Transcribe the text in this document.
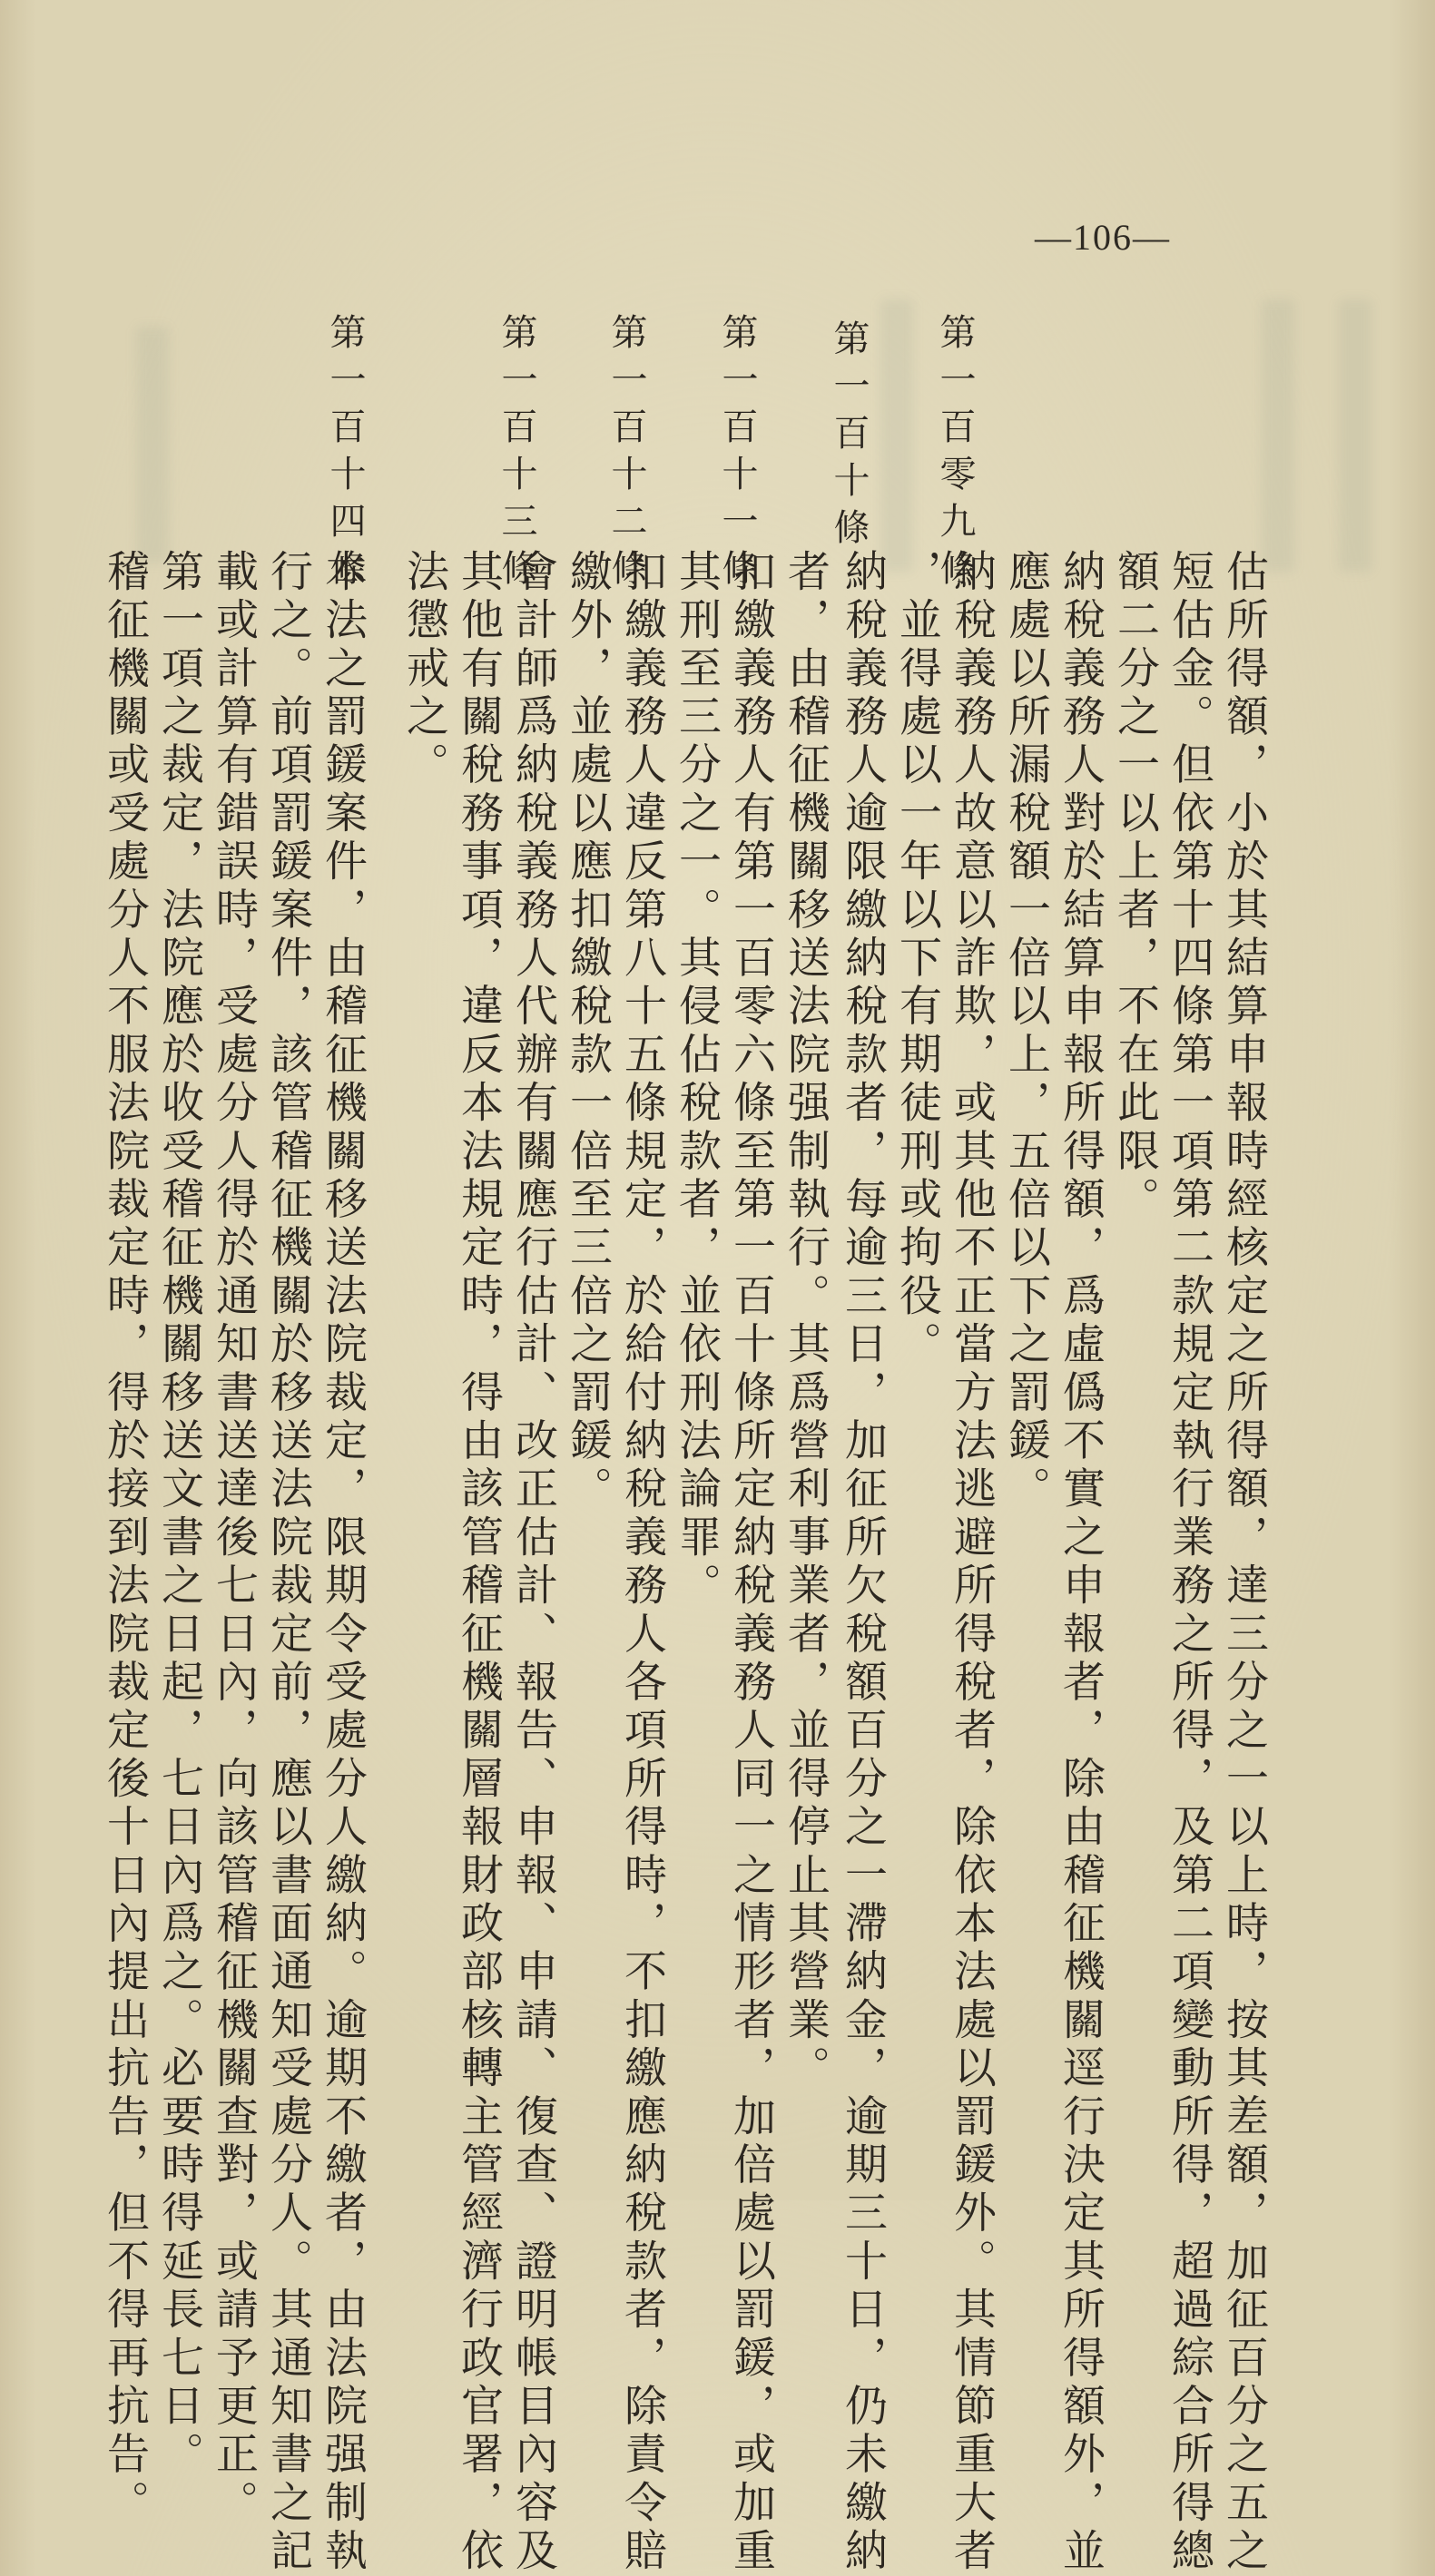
—106—
第一百零九條
第一百十條
第一百十一條
第一百十二條
第一百十三條
第一百十四條
估所得額，小於其結算申報時經核定之所得額，達三分之一以上時，按其差額，加征百分之五之
短估金。但依第十四條第一項第二款規定執行業務之所得，及第二項變動所得，超過綜合所得總
額二分之一以上者，不在此限。
納稅義務人對於結算申報所得額，爲虛僞不實之申報者，除由稽征機關逕行決定其所得額外，並
應處以所漏稅額一倍以上，五倍以下之罰鍰。
納稅義務人故意以詐欺，或其他不正當方法逃避所得稅者，除依本法處以罰鍰外。其情節重大者
，並得處以一年以下有期徒刑或拘役。
納稅義務人逾限繳納稅款者，每逾三日，加征所欠稅額百分之一滯納金，逾期三十日，仍未繳納
者，由稽征機關移送法院强制執行。其爲營利事業者，並得停止其營業。
扣繳義務人有第一百零六條至第一百十條所定納稅義務人同一之情形者，加倍處以罰鍰，或加重
其刑至三分之一。其侵佔稅款者，並依刑法論罪。
扣繳義務人違反第八十五條規定，於給付納稅義務人各項所得時，不扣繳應納稅款者，除責令賠
繳外，並處以應扣繳稅款一倍至三倍之罰鍰。
會計師爲納稅義務人代辦有關應行估計、改正估計、報告、申報、申請、復查、證明帳目內容及
其他有關稅務事項，違反本法規定時，得由該管稽征機關層報財政部核轉主管經濟行政官署，依
法懲戒之。
本法之罰鍰案件，由稽征機關移送法院裁定，限期令受處分人繳納。逾期不繳者，由法院强制執
行之。前項罰鍰案件，該管稽征機關於移送法院裁定前，應以書面通知受處分人。其通知書之記
載或計算有錯誤時，受處分人得於通知書送達後七日內，向該管稽征機關查對，或請予更正。
第一項之裁定，法院應於收受稽征機關移送文書之日起，七日內爲之。必要時得延長七日。
稽征機關或受處分人不服法院裁定時，得於接到法院裁定後十日內提出抗告，但不得再抗告。
